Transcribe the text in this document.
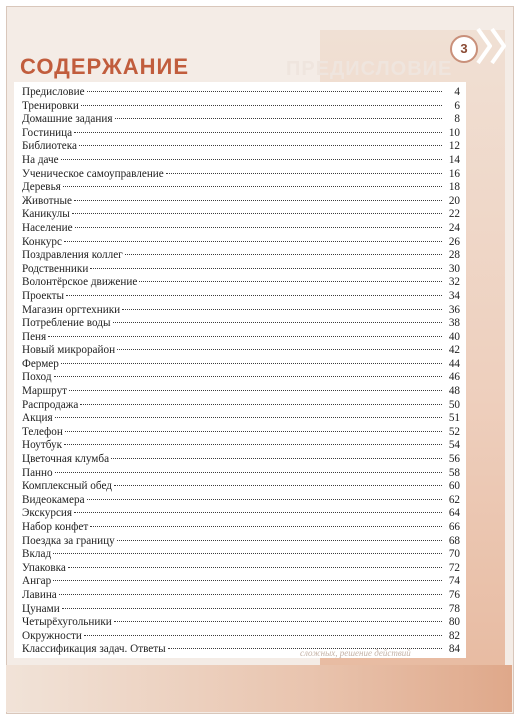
3
ПРЕДИСЛОВИЕ
СОДЕРЖАНИЕ
Предисловие	4
Тренировки	6
Домашние задания	8
Гостиница	10
Библиотека	12
На даче	14
Ученическое самоуправление	16
Деревья	18
Животные	20
Каникулы	22
Население	24
Конкурс	26
Поздравления коллег	28
Родственники	30
Волонтёрское движение	32
Проекты	34
Магазин оргтехники	36
Потребление воды	38
Пеня	40
Новый микрорайон	42
Фермер	44
Поход	46
Маршрут	48
Распродажа	50
Акция	51
Телефон	52
Ноутбук	54
Цветочная клумба	56
Панно	58
Комплексный обед	60
Видеокамера	62
Экскурсия	64
Набор конфет	66
Поездка за границу	68
Вклад	70
Упаковка	72
Ангар	74
Лавина	76
Цунами	78
Четырёхугольники	80
Окружности	82
Классификация задач. Ответы	84
сложных, решение действий
